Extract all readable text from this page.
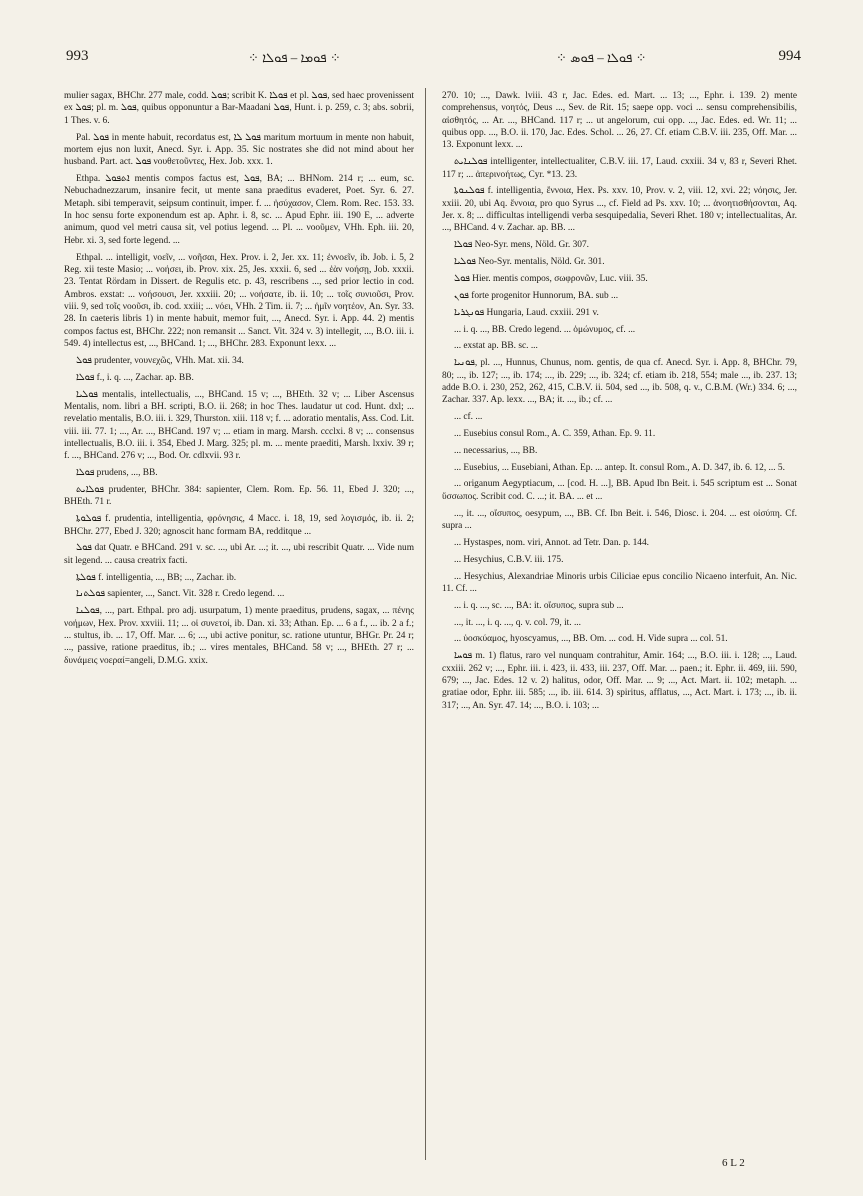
993	⁘ ܦܘܡܐ – ܦܘܠܐ ⁘	⁘ ܦܘܠܐ – ܦܘܣ ⁘	994

mulier sagax, BHChr. 277 male, codd. ܦܘܠ; scribit K. ܦܘܠܐ et pl. ܦܘܠ, sed haec provenissent ex ܦܘܠ; pl. m. ܦܘܠ, quibus opponuntur a Bar-Maadani ܦܘܠ, Hunt. i. p. 259, c. 3; abs. sobrii, 1 Thes. v. 6.

Pal. ܦܘܠ in mente habuit, recordatus est, ܦܘܠ ܠܐ maritum mortuum in mente non habuit, mortem ejus non luxit, Anecd. Syr. i. App. 35. Sic nostrates she did not mind about her husband. Part. act. ܦܘܠ νουθετοῦντες, Hex. Job. xxx. 1.

Ethpa. ܐܬܦܘܠ mentis compos factus est, ܦܘܠ, BA; ... BHNom. 214 r; ... eum, sc. Nebuchadnezzarum, insanire fecit, ut mente sana praeditus evaderet, Poet. Syr. 6. 27. Metaph. sibi temperavit, seipsum continuit, imper. f. ... ἠσύχασον, Clem. Rom. Rec. 153. 33. In hoc sensu forte exponendum est ap. Aphr. i. 8, sc. ... Apud Ephr. iii. 190 E, ... adverte animum, quod vel metri causa sit, vel potius legend. ... Pl. ... νοοῦμεν, VHh. Eph. iii. 20, Hebr. xi. 3, sed forte legend. ...

Ethpal. ... intelligit, νοεῖν, ... νοῆσαι, Hex. Prov. i. 2, Jer. xx. 11; ἐννοεῖν, ib. Job. i. 5, 2 Reg. xii teste Masio; ... νοήσει, ib. Prov. xix. 25, Jes. xxxii. 6, sed ... ἐὰν νοήσῃ, Job. xxxii. 23. Tentat Rördam in Dissert. de Regulis etc. p. 43, rescribens ..., sed prior lectio in cod. Ambros. exstat: ... νοήσουσι, Jer. xxxiii. 20; ... νοήσατε, ib. ii. 10; ... τοῖς συνιοῦσι, Prov. viii. 9, sed τοῖς νοοῦσι, ib. cod. xxiii; ... νόει, VHh. 2 Tim. ii. 7; ... ἡμῖν νοητέον, An. Syr. 33. 28. In caeteris libris 1) in mente habuit, memor fuit, ..., Anecd. Syr. i. App. 44. 2) mentis compos factus est, BHChr. 222; non remansit ... Sanct. Vit. 324 v. 3) intellegit, ..., B.O. iii. i. 549. 4) intellectus est, ..., BHCand. 1; ..., BHChr. 283. Exponunt lexx. ...

ܦܘܠ prudenter, νουνεχῶς, VHh. Mat. xii. 34.

ܦܘܠܐ f., i. q. ..., Zachar. ap. BB.

ܦܘܠܝܐ mentalis, intellectualis, ..., BHCand. 15 v; ..., BHEth. 32 v; ... Liber Ascensus Mentalis, nom. libri a BH. scripti, B.O. ii. 268; in hoc Thes. laudatur ut cod. Hunt. dxl; ... revelatio mentalis, B.O. iii. i. 329, Thurston. xiii. 118 v; f. ... adoratio mentalis, Ass. Cod. Lit. viii. iii. 77. 1; ..., Ar. ..., BHCand. 197 v; ... etiam in marg. Marsh. ccclxi. 8 v; ... consensus intellectualis, B.O. iii. i. 354, Ebed J. Marg. 325; pl. m. ... mente praediti, Marsh. lxxiv. 39 r; f. ..., BHCand. 276 v; ..., Bod. Or. cdlxvii. 93 r.

ܦܘܠܐ prudens, ..., BB.

ܦܘܠܐܝܬ prudenter, BHChr. 384: sapienter, Clem. Rom. Ep. 56. 11, Ebed J. 320; ..., BHEth. 71 r.

ܦܘܠܘܬܐ f. prudentia, intelligentia, φρόνησις, 4 Macc. i. 18, 19, sed λογισμός, ib. ii. 2; BHChr. 277, Ebed J. 320; agnoscit hanc formam BA, redditque ...

ܦܘܠ dat Quatr. e BHCand. 291 v. sc. ..., ubi Ar. ...; it. ..., ubi rescribit Quatr. ... Vide num sit legend. ... causa creatrix facti.

ܦܘܠܬܐ f. intelligentia, ..., BB; ..., Zachar. ib.

ܦܘܠܬܢܐ sapienter, ..., Sanct. Vit. 328 r. Credo legend. ...

ܦܘܠܢܐ, ..., part. Ethpal. pro adj. usurpatum, 1) mente praeditus, prudens, sagax, ... πένης νοήμων, Hex. Prov. xxviii. 11; ... οἱ συνετοί, ib. Dan. xi. 33; Athan. Ep. ... 6 a f., ... ib. 2 a f.; ... stultus, ib. ... 17, Off. Mar. ... 6; ..., ubi active ponitur, sc. ratione utuntur, BHGr. Pr. 24 r; ..., passive, ratione praeditus, ib.; ... vires mentales, BHCand. 58 v; ..., BHEth. 27 r; ... δυνάμεις νοεραί=angeli, D.M.G. xxix.

270. 10; ..., Dawk. lviii. 43 r, Jac. Edes. ed. Mart. ... 13; ..., Ephr. i. 139. 2) mente comprehensus, νοητός, Deus ..., Sev. de Rit. 15; saepe opp. voci ... sensu comprehensibilis, αἰσθητός, ... Ar. ..., BHCand. 117 r; ... ut angelorum, cui opp. ..., Jac. Edes. ed. Wr. 11; ... quibus opp. ..., B.O. ii. 170, Jac. Edes. Schol. ... 26, 27. Cf. etiam C.B.V. iii. 235, Off. Mar. ... 13. Exponunt lexx. ...

ܦܘܠܢܐܝܬ intelligenter, intellectualiter, C.B.V. iii. 17, Laud. cxxiii. 34 v, 83 r, Severi Rhet. 117 r; ... ἀπερινοήτως, Cyr. *13. 23.

ܦܘܠܢܘܬܐ f. intelligentia, ἔννοια, Hex. Ps. xxv. 10, Prov. v. 2, viii. 12, xvi. 22; νόησις, Jer. xxiii. 20, ubi Aq. ἔννοια, pro quo Syrus ..., cf. Field ad Ps. xxv. 10; ... ἀνοητισθήσονται, Aq. Jer. x. 8; ... difficultas intelligendi verba sesquipedalia, Severi Rhet. 180 v; intellectualitas, Ar. ..., BHCand. 4 v. Zachar. ap. BB. ...

ܦܘܠܐ Neo-Syr. mens, Nöld. Gr. 307.

ܦܘܠܝܐ Neo-Syr. mentalis, Nöld. Gr. 301.

ܦܘܠ Hier. mentis compos, σωφρονῶν, Luc. viii. 35.

ܦܘܢ forte progenitor Hunnorum, BA. sub ...

ܦܘܢܓܪܝܐ Hungaria, Laud. cxxiii. 291 v.

... i. q. ..., BB. Credo legend. ... ὁμώνυμος, cf. ...

... exstat ap. BB. sc. ...

ܦܘܢܝܐ, pl. ..., Hunnus, Chunus, nom. gentis, de qua cf. Anecd. Syr. i. App. 8, BHChr. 79, 80; ..., ib. 127; ..., ib. 174; ..., ib. 229; ..., ib. 324; cf. etiam ib. 218, 554; male ..., ib. 237. 13; adde B.O. i. 230, 252, 262, 415, C.B.V. ii. 504, sed ..., ib. 508, q. v., C.B.M. (Wr.) 334. 6; ..., Zachar. 337. Ap. lexx. ..., BA; it. ..., ib.; cf. ...

... cf. ...

... Eusebius consul Rom., A. C. 359, Athan. Ep. 9. 11.

... necessarius, ..., BB.

... Eusebius, ... Eusebiani, Athan. Ep. ... antep. It. consul Rom., A. D. 347, ib. 6. 12, ... 5.

... origanum Aegyptiacum, ... [cod. H. ...], BB. Apud Ibn Beit. i. 545 scriptum est ... Sonat ὕσσωπος. Scribit cod. C. ...; it. BA. ... et ...

..., it. ..., οἴσυπος, oesypum, ..., BB. Cf. Ibn Beit. i. 546, Diosc. i. 204. ... est οἰσύπη. Cf. supra ...

... Hystaspes, nom. viri, Annot. ad Tetr. Dan. p. 144.

... Hesychius, C.B.V. iii. 175.

... Hesychius, Alexandriae Minoris urbis Ciliciae epus concilio Nicaeno interfuit, An. Nic. 11. Cf. ...

... i. q. ..., sc. ..., BA: it. οἴσυπος, supra sub ...

..., it. ..., i. q. ..., q. v. col. 79, it. ...

... ὑοσκύαμος, hyoscyamus, ..., BB. Om. ... cod. H. Vide supra ... col. 51.

ܦܘܚܐ m. 1) flatus, raro vel nunquam contrahitur, Amir. 164; ..., B.O. iii. i. 128; ..., Laud. cxxiii. 262 v; ..., Ephr. iii. i. 423, ii. 433, iii. 237, Off. Mar. ... paen.; it. Ephr. ii. 469, iii. 590, 679; ..., Jac. Edes. 12 v. 2) halitus, odor, Off. Mar. ... 9; ..., Act. Mart. ii. 102; metaph. ... gratiae odor, Ephr. iii. 585; ..., ib. iii. 614. 3) spiritus, afflatus, ..., Act. Mart. i. 173; ..., ib. ii. 317; ..., An. Syr. 47. 14; ..., B.O. i. 103; ...

6 L 2
